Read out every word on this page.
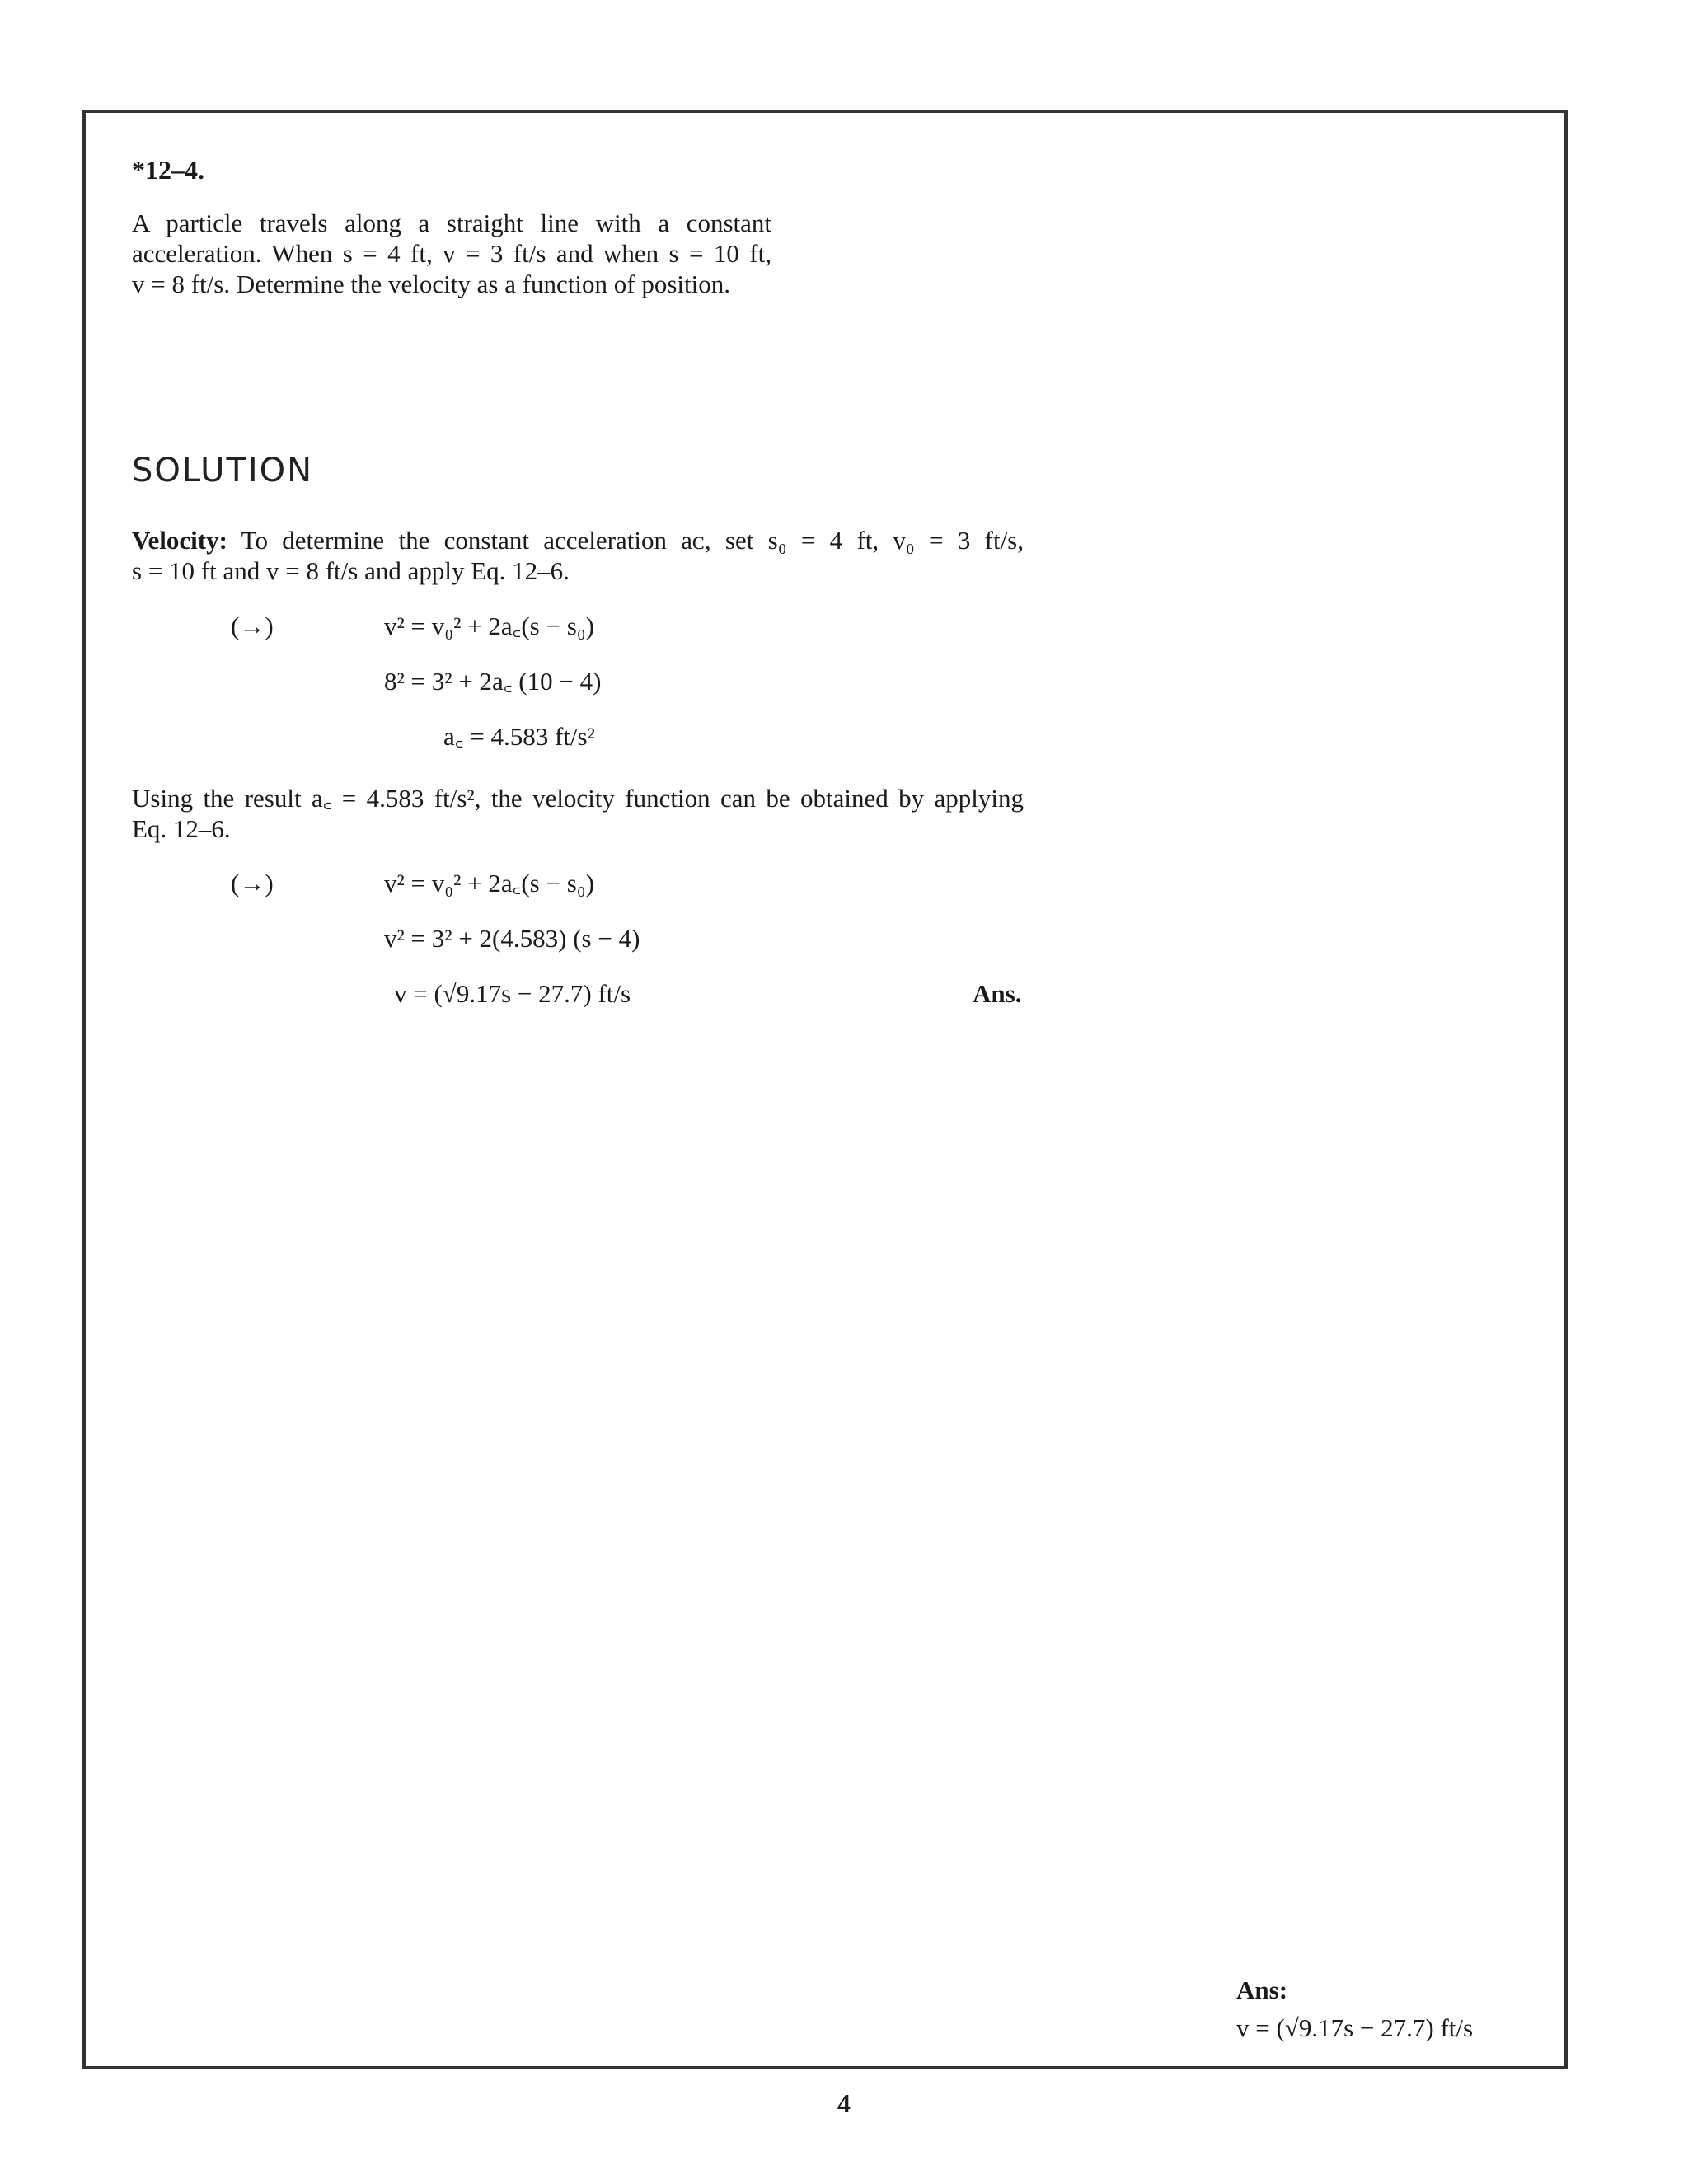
*12–4.
A particle travels along a straight line with a constant
acceleration. When s = 4 ft, v = 3 ft/s and when s = 10 ft,
v = 8 ft/s. Determine the velocity as a function of position.
SOLUTION
Velocity: To determine the constant acceleration aᴄ, set s₀ = 4 ft, v₀ = 3 ft/s,
s = 10 ft and v = 8 ft/s and apply Eq. 12–6.
(→)	v² = v₀² + 2a꜀(s − s₀)
8² = 3² + 2a꜀ (10 − 4)
a꜀ = 4.583 ft/s²
Using the result a꜀ = 4.583 ft/s², the velocity function can be obtained by applying
Eq. 12–6.
(→)	v² = v₀² + 2a꜀(s − s₀)
v² = 3² + 2(4.583) (s − 4)
v = (√9.17s − 27.7) ft/s	Ans.
Ans:
v = (√9.17s − 27.7) ft/s
4
